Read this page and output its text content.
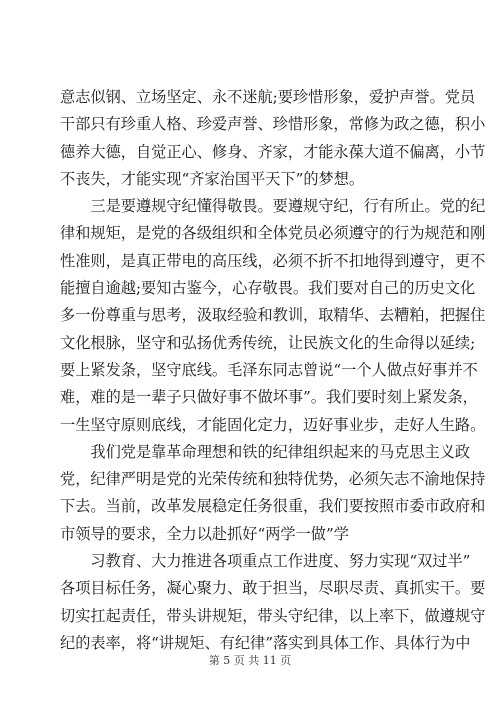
意志似钢、立场坚定、永不迷航;要珍惜形象，爱护声誉。党员
干部只有珍重人格、珍爱声誉、珍惜形象，常修为政之德，积小
德养大德，自觉正心、修身、齐家，才能永葆大道不偏离，小节
不丧失，才能实现“齐家治国平天下”的梦想。
　　三是要遵规守纪懂得敬畏。要遵规守纪，行有所止。党的纪
律和规矩，是党的各级组织和全体党员必须遵守的行为规范和刚
性准则，是真正带电的高压线，必须不折不扣地得到遵守，更不
能擅自逾越;要知古鉴今，心存敬畏。我们要对自己的历史文化
多一份尊重与思考，汲取经验和教训，取精华、去糟粕，把握住
文化根脉，坚守和弘扬优秀传统，让民族文化的生命得以延续;
要上紧发条，坚守底线。毛泽东同志曾说“一个人做点好事并不
难，难的是一辈子只做好事不做坏事”。我们要时刻上紧发条，
一生坚守原则底线，才能固化定力，迈好事业步，走好人生路。
　　我们党是靠革命理想和铁的纪律组织起来的马克思主义政
党，纪律严明是党的光荣传统和独特优势，必须矢志不渝地保持
下去。当前，改革发展稳定任务很重，我们要按照市委市政府和
市领导的要求，全力以赴抓好“两学一做”学
　　习教育、大力推进各项重点工作进度、努力实现“双过半”
各项目标任务，凝心聚力、敢于担当，尽职尽责、真抓实干。要
切实扛起责任，带头讲规矩，带头守纪律，以上率下，做遵规守
纪的表率，将“讲规矩、有纪律”落实到具体工作、具体行为中
第 5 页 共 11 页
